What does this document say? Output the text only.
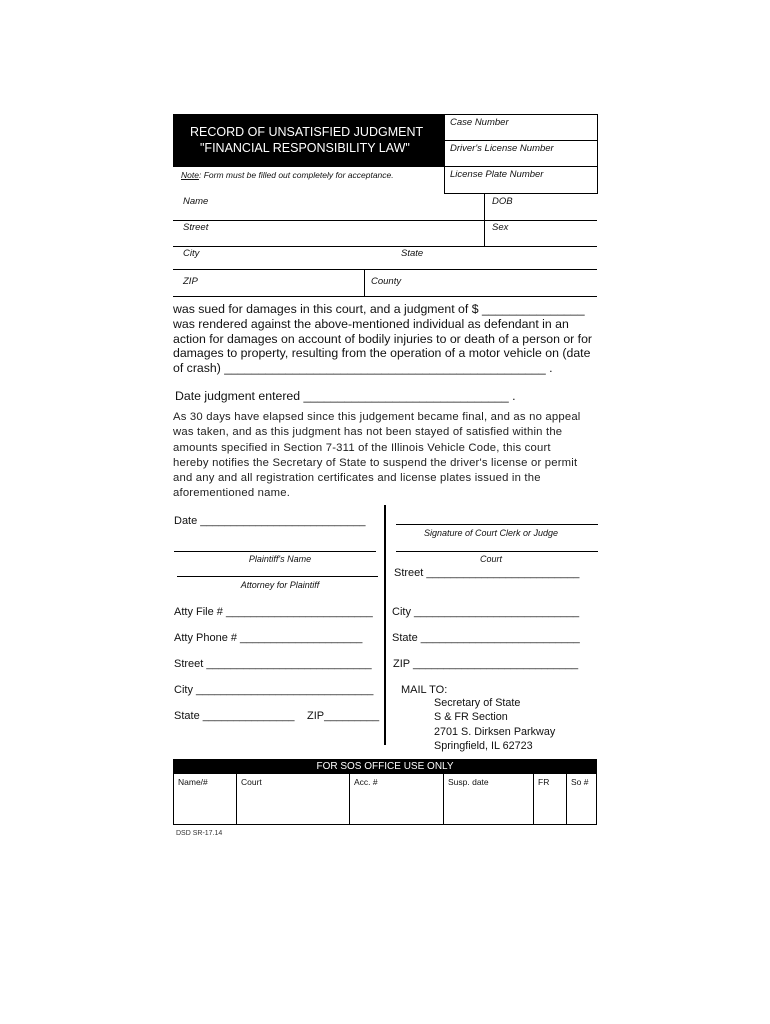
RECORD OF UNSATISFIED JUDGMENT
"FINANCIAL RESPONSIBILITY LAW"
Case Number
Driver's License Number
License Plate Number
Note: Form must be filled out completely for acceptance.
Name	DOB
Street	Sex
City	State
ZIP	County
was sued for damages in this court, and a judgment of $ _______________
was rendered against the above-mentioned individual as defendant in an
action for damages on account of bodily injuries to or death of a person or for
damages to property, resulting from the operation of a motor vehicle on (date
of crash) _______________________________________________ .
Date judgment entered ______________________________ .
As 30 days have elapsed since this judgement became final, and as no appeal
was taken, and as this judgment has not been stayed of satisfied within the
amounts specified in Section 7-311 of the Illinois Vehicle Code, this court
hereby notifies the Secretary of State to suspend the driver's license or permit
and any and all registration certificates and license plates issued in the
aforementioned name.
Date ___________________________
Plaintiff's Name
Attorney for Plaintiff
Atty File # ________________________
Atty Phone # ____________________
Street ___________________________
City _____________________________
State _______________ ZIP_________
Signature of Court Clerk or Judge
Court
Street _________________________
City ___________________________
State __________________________
ZIP ___________________________
MAIL TO:
Secretary of State
S & FR Section
2701 S. Dirksen Parkway
Springfield, IL 62723
FOR SOS OFFICE USE ONLY
Name/#	Court	Acc. #	Susp. date	FR	So #
DSD SR-17.14
